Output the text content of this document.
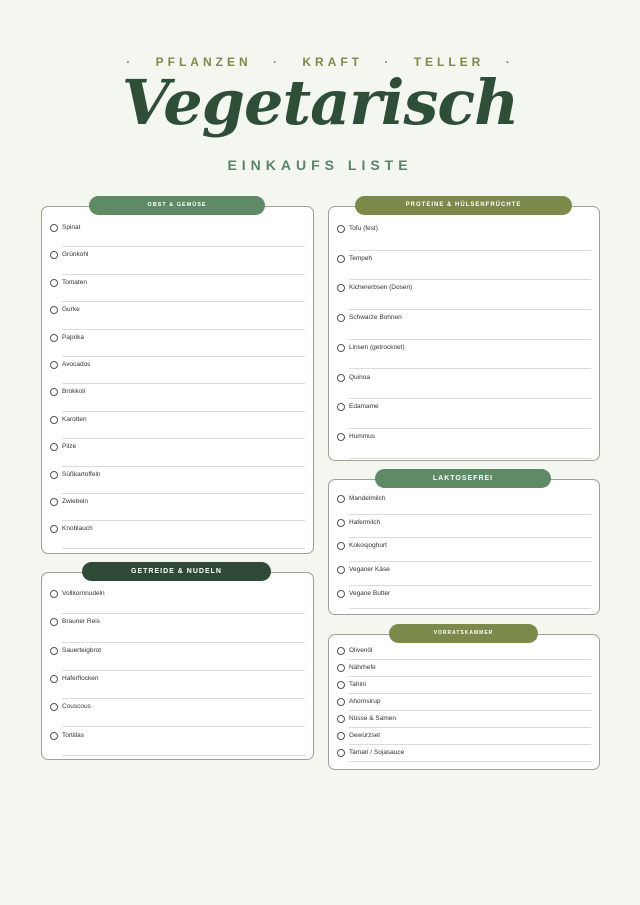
· PFLANZEN · KRAFT · TELLER ·
Vegetarisch
EINKAUFS LISTE
Spinat
Grünkohl
Tomaten
Gurke
Paprika
Avocados
Brokkoli
Karotten
Pilze
Süßkartoffeln
Zwiebeln
Knoblauch
OBST & GEMÜSE
Vollkornnudeln
Brauner Reis
Sauerteigbrot
Haferflocken
Couscous
Tortillas
GETREIDE & NUDELN
Tofu (fest)
Tempeh
Kichererbsen (Dosen)
Schwarze Bohnen
Linsen (getrocknet)
Quinoa
Edamame
Hummus
PROTEINE & HÜLSENFRÜCHTE
Mandelmilch
Hafermilch
Kokosjoghurt
Veganer Käse
Vegane Butter
LAKTOSEFREI
Olivenöl
Nährhefe
Tahini
Ahornsirup
Nüsse & Samen
Gewürzset
Tamari / Sojasauce
VORRATSKAMMER
